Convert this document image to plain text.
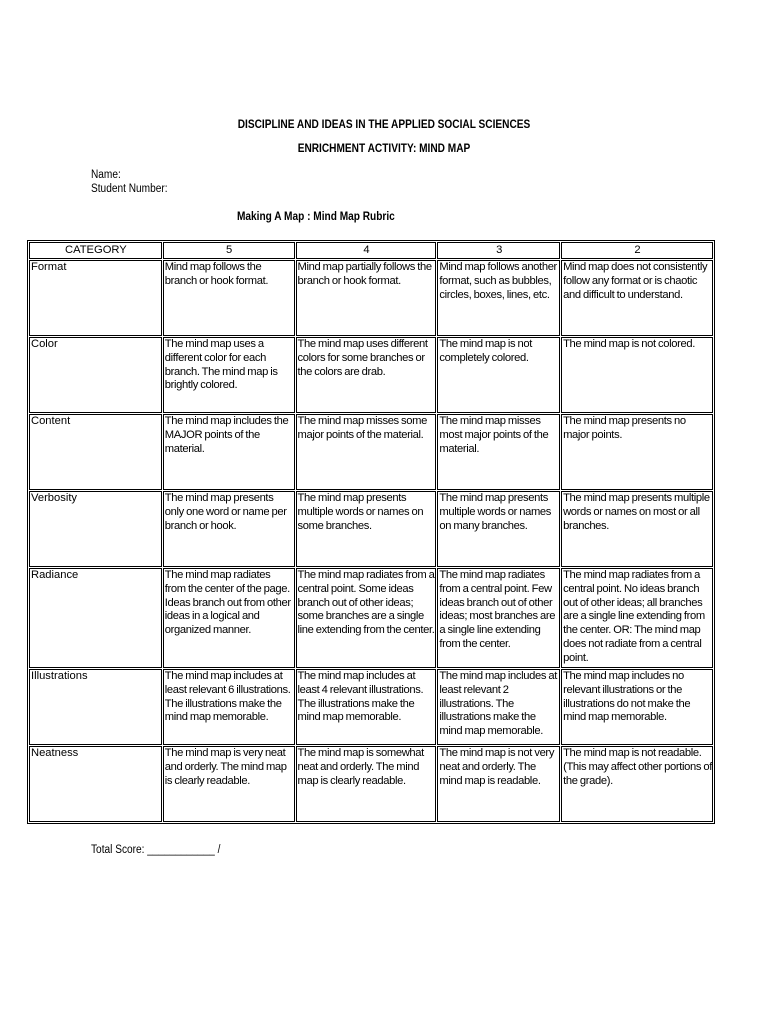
DISCIPLINE AND IDEAS IN THE APPLIED SOCIAL SCIENCES
ENRICHMENT ACTIVITY: MIND MAP
Name:
Student Number:
Making A Map : Mind Map Rubric
CATEGORY	5	4	3	2
Format	Mind map follows the branch or hook format.	Mind map partially follows the branch or hook format.	Mind map follows another format, such as bubbles, circles, boxes, lines, etc.	Mind map does not consistently follow any format or is chaotic and difficult to understand.

Color	The mind map uses a different color for each branch. The mind map is brightly colored.	The mind map uses different colors for some branches or the colors are drab.	The mind map is not completely colored.	The mind map is not colored.

Content	The mind map includes the MAJOR points of the material.	The mind map misses some major points of the material.	The mind map misses most major points of the material.	The mind map presents no major points.

Verbosity	The mind map presents only one word or name per branch or hook.	The mind map presents multiple words or names on some branches.	The mind map presents multiple words or names on many branches.	The mind map presents multiple words or names on most or all branches.

Radiance	The mind map radiates from the center of the page. Ideas branch out from other ideas in a logical and organized manner.	The mind map radiates from a central point. Some ideas branch out of other ideas; some branches are a single line extending from the center.	The mind map radiates from a central point. Few ideas branch out of other ideas; most branches are a single line extending from the center.	The mind map radiates from a central point. No ideas branch out of other ideas; all branches are a single line extending from the center. OR: The mind map does not radiate from a central point.

Illustrations	The mind map includes at least relevant 6 illustrations. The illustrations make the mind map memorable.	The mind map includes at least 4 relevant illustrations. The illustrations make the mind map memorable.	The mind map includes at least relevant 2 illustrations. The illustrations make the mind map memorable.	The mind map includes no relevant illustrations or the illustrations do not make the mind map memorable.

Neatness	The mind map is very neat and orderly. The mind map is clearly readable.	The mind map is somewhat neat and orderly. The mind map is clearly readable.	The mind map is not very neat and orderly. The mind map is readable.	The mind map is not readable. (This may affect other portions of the grade).
Total Score: ____________ /
